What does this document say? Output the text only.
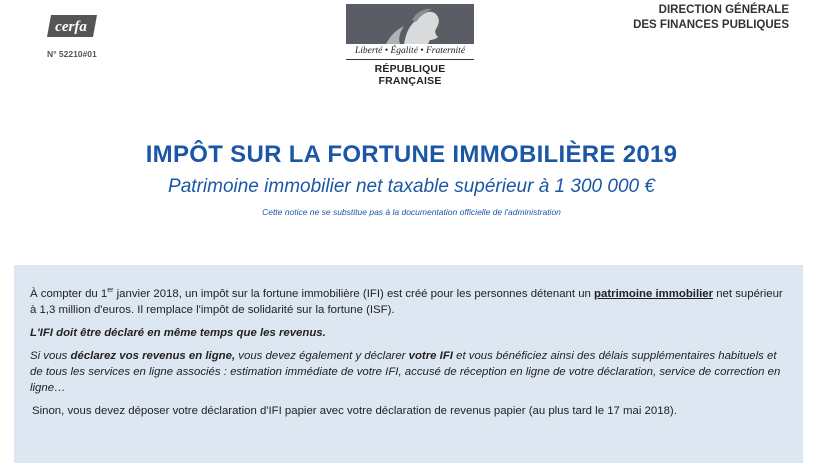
cerfa
N° 52210#01	Liberté • Égalité • Fraternité
RÉPUBLIQUE FRANÇAISE
DIRECTION GÉNÉRALE
DES FINANCES PUBLIQUES
IMPÔT SUR LA FORTUNE IMMOBILIÈRE 2019
Patrimoine immobilier net taxable supérieur à 1 300 000 €
Cette notice ne se substitue pas à la documentation officielle de l'administration

À compter du 1er janvier 2018, un impôt sur la fortune immobilière (IFI) est créé pour les personnes détenant un patrimoine immobilier net supérieur à 1,3 million d'euros. Il remplace l'impôt de solidarité sur la fortune (ISF).

L'IFI doit être déclaré en même temps que les revenus.

Si vous déclarez vos revenus en ligne, vous devez également y déclarer votre IFI et vous bénéficiez ainsi des délais supplémentaires habituels et de tous les services en ligne associés : estimation immédiate de votre IFI, accusé de réception en ligne de votre déclaration, service de correction en ligne…

Sinon, vous devez déposer votre déclaration d'IFI papier avec votre déclaration de revenus papier (au plus tard le 17 mai 2018).
